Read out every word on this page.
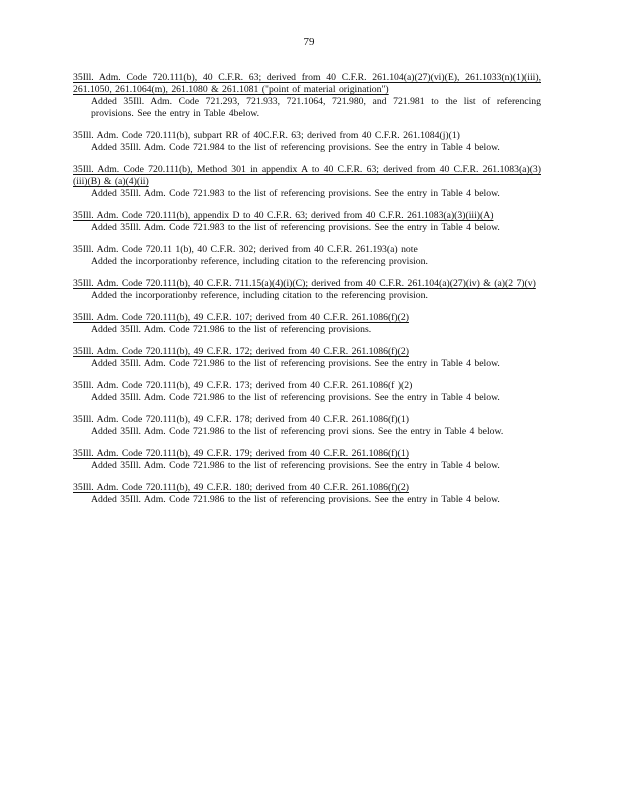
79
35Ill. Adm. Code 720.111(b), 40 C.F.R. 63; derived from 40 C.F.R. 261.104(a)(27)(vi)(E), 261.1033(n)(1)(iii), 261.1050, 261.1064(m), 261.1080 & 261.1081 ("point of material origination")
Added 35Ill. Adm. Code 721.293, 721.933, 721.1064, 721.980, and 721.981 to the list of referencing provisions. See the entry in Table 4below.
35Ill. Adm. Code 720.111(b), subpart RR of 40C.F.R. 63; derived from 40 C.F.R. 261.1084(j)(1)
Added 35Ill. Adm. Code 721.984 to the list of referencing provisions. See the entry in Table 4 below.
35Ill. Adm. Code 720.111(b), Method 301 in appendix A to 40 C.F.R. 63; derived from 40 C.F.R. 261.1083(a)(3)(iii)(B) & (a)(4)(ii)
Added 35Ill. Adm. Code 721.983 to the list of referencing provisions. See the entry in Table 4 below.
35Ill. Adm. Code 720.111(b), appendix D to 40 C.F.R. 63; derived from 40 C.F.R. 261.1083(a)(3)(iii)(A)
Added 35Ill. Adm. Code 721.983 to the list of referencing provisions. See the entry in Table 4 below.
35Ill. Adm. Code 720.11 1(b), 40 C.F.R. 302; derived from 40 C.F.R. 261.193(a) note
Added the incorporationby reference, including citation to the referencing provision.
35Ill. Adm. Code 720.111(b), 40 C.F.R. 711.15(a)(4)(i)(C); derived from 40 C.F.R. 261.104(a)(27)(iv) & (a)(2 7)(v)
Added the incorporationby reference, including citation to the referencing provision.
35Ill. Adm. Code 720.111(b), 49 C.F.R. 107; derived from 40 C.F.R. 261.1086(f)(2)
Added 35Ill. Adm. Code 721.986 to the list of referencing provisions.
35Ill. Adm. Code 720.111(b), 49 C.F.R. 172; derived from 40 C.F.R. 261.1086(f)(2)
Added 35Ill. Adm. Code 721.986 to the list of referencing provisions. See the entry in Table 4 below.
35Ill. Adm. Code 720.111(b), 49 C.F.R. 173; derived from 40 C.F.R. 261.1086(f )(2)
Added 35Ill. Adm. Code 721.986 to the list of referencing provisions. See the entry in Table 4 below.
35Ill. Adm. Code 720.111(b), 49 C.F.R. 178; derived from 40 C.F.R. 261.1086(f)(1)
Added 35Ill. Adm. Code 721.986 to the list of referencing provi sions. See the entry in Table 4 below.
35Ill. Adm. Code 720.111(b), 49 C.F.R. 179; derived from 40 C.F.R. 261.1086(f)(1)
Added 35Ill. Adm. Code 721.986 to the list of referencing provisions. See the entry in Table 4 below.
35Ill. Adm. Code 720.111(b), 49 C.F.R. 180; derived from 40 C.F.R. 261.1086(f)(2)
Added 35Ill. Adm. Code 721.986 to the list of referencing provisions. See the entry in Table 4 below.
